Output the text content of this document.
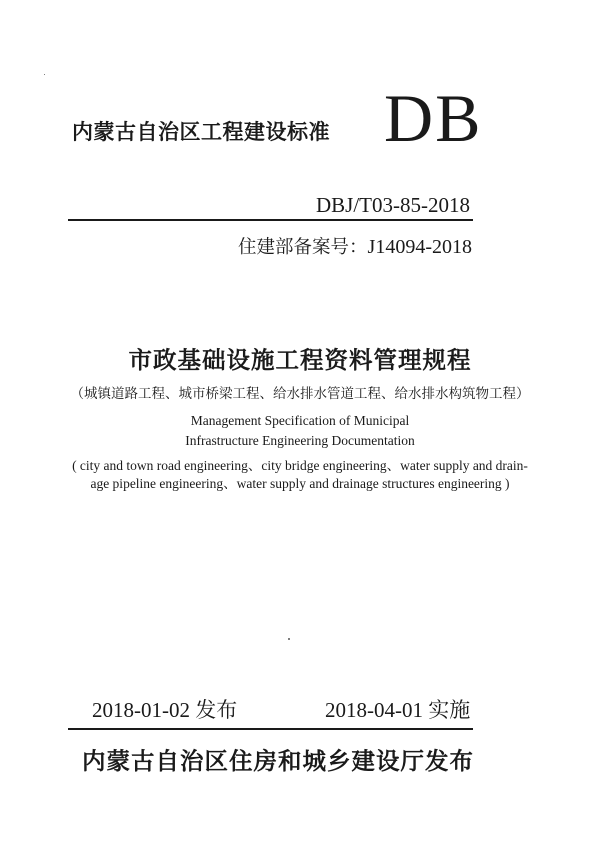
内蒙古自治区工程建设标准 DB
DBJ/T03-85-2018
住建部备案号：J14094-2018
市政基础设施工程资料管理规程
（城镇道路工程、城市桥梁工程、给水排水管道工程、给水排水构筑物工程）
Management Specification of Municipal
Infrastructure Engineering Documentation
( city and town road engineering、city bridge engineering、water supply and drain-
age pipeline engineering、water supply and drainage structures engineering )
2018-01-02 发布	2018-04-01 实施
内蒙古自治区住房和城乡建设厅发布
